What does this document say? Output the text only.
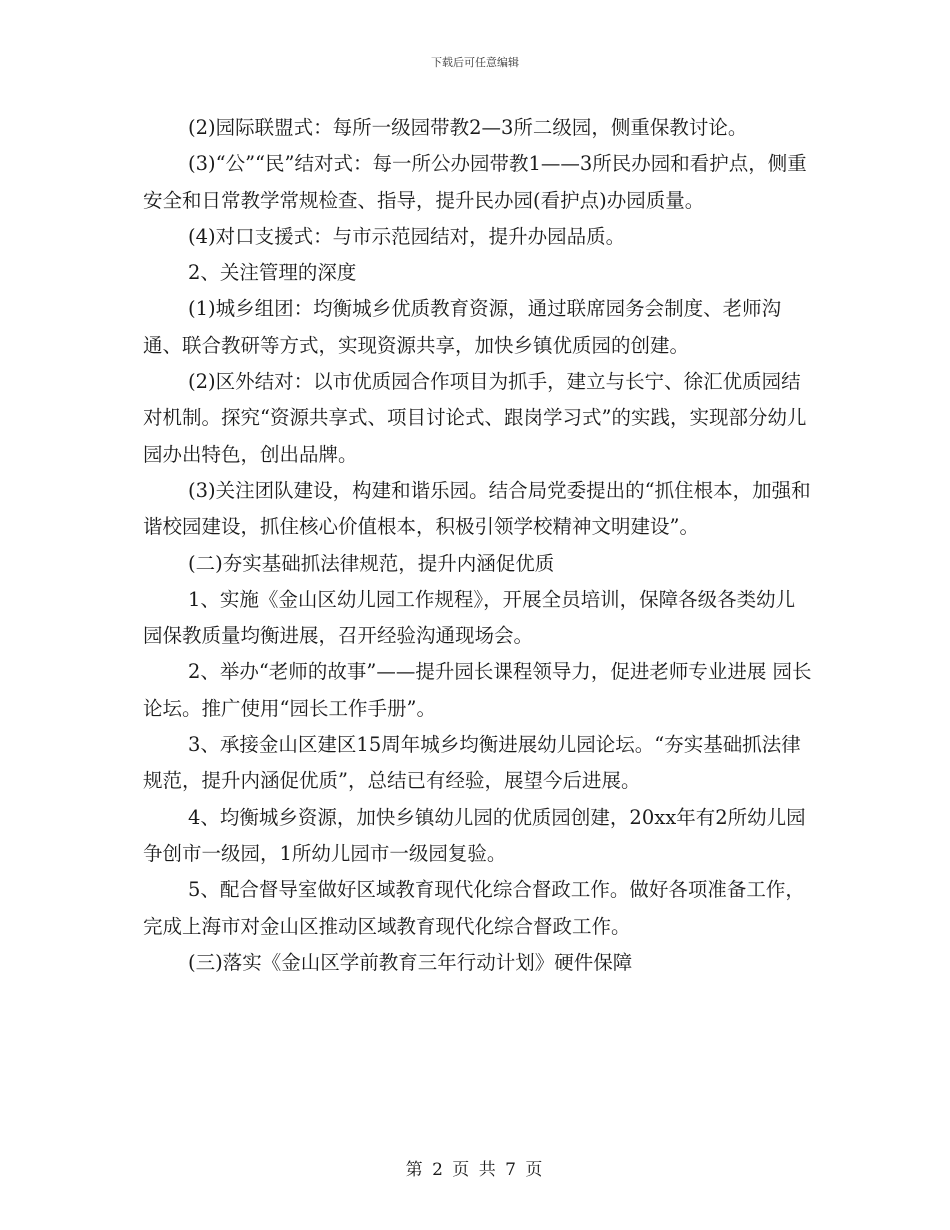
下载后可任意编辑

(2)园际联盟式：每所一级园带教2—3所二级园，侧重保教讨论。

(3)“公”“民”结对式：每一所公办园带教1——3所民办园和看护点，侧重安全和日常教学常规检查、指导，提升民办园(看护点)办园质量。

(4)对口支援式：与市示范园结对，提升办园品质。

2、关注管理的深度

(1)城乡组团：均衡城乡优质教育资源，通过联席园务会制度、老师沟通、联合教研等方式，实现资源共享，加快乡镇优质园的创建。

(2)区外结对：以市优质园合作项目为抓手，建立与长宁、徐汇优质园结对机制。探究“资源共享式、项目讨论式、跟岗学习式”的实践，实现部分幼儿园办出特色，创出品牌。

(3)关注团队建设，构建和谐乐园。结合局党委提出的“抓住根本，加强和谐校园建设，抓住核心价值根本，积极引领学校精神文明建设”。

(二)夯实基础抓法律规范，提升内涵促优质

1、实施《金山区幼儿园工作规程》，开展全员培训，保障各级各类幼儿园保教质量均衡进展，召开经验沟通现场会。

2、举办“老师的故事”——提升园长课程领导力，促进老师专业进展 园长论坛。推广使用“园长工作手册”。

3、承接金山区建区15周年城乡均衡进展幼儿园论坛。“夯实基础抓法律规范，提升内涵促优质”，总结已有经验，展望今后进展。

4、均衡城乡资源，加快乡镇幼儿园的优质园创建，20xx年有2所幼儿园争创市一级园，1所幼儿园市一级园复验。

5、配合督导室做好区域教育现代化综合督政工作。做好各项准备工作，完成上海市对金山区推动区域教育现代化综合督政工作。

(三)落实《金山区学前教育三年行动计划》硬件保障

第 2 页 共 7 页
